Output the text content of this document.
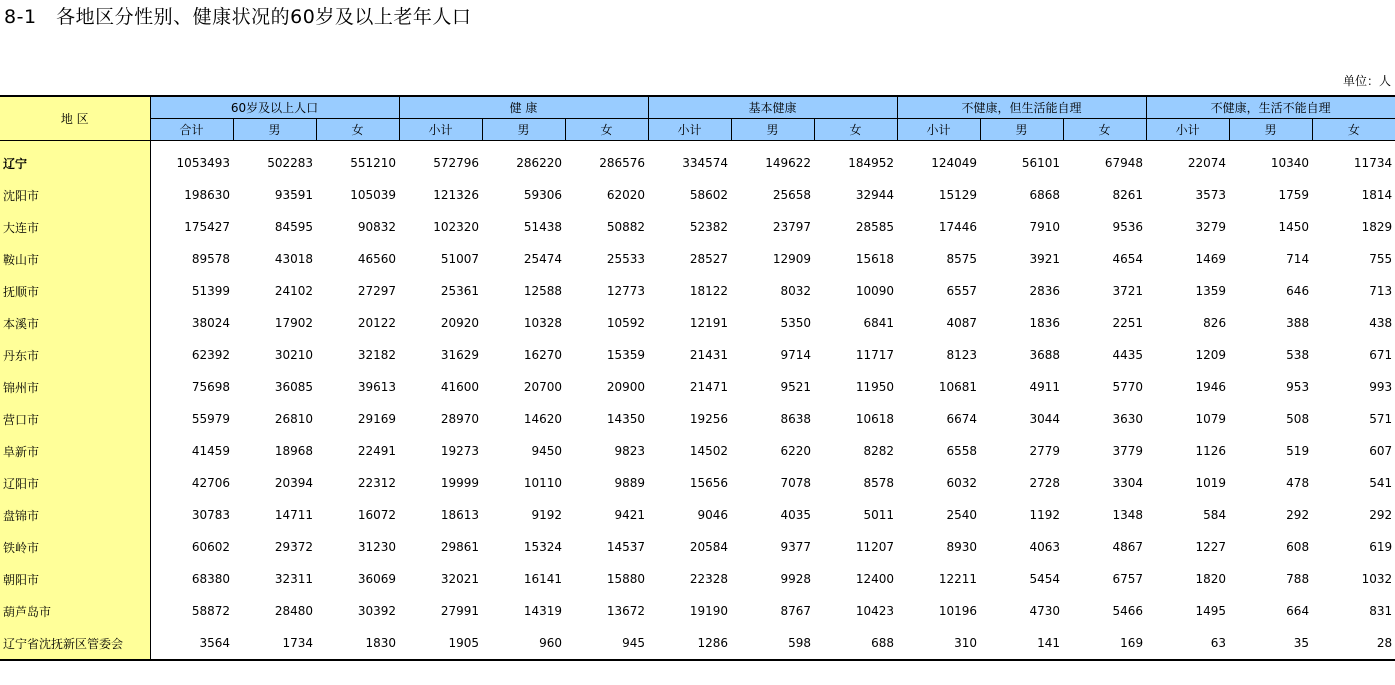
8-1   各地区分性别、健康状况的60岁及以上老年人口
单位：人
地 区	60岁及以上人口			健 康			基本健康			不健康，但生活能自理			不健康，生活不能自理		
	合计	男	女	小计	男	女	小计	男	女	小计	男	女	小计	男	女
辽宁	1053493	502283	551210	572796	286220	286576	334574	149622	184952	124049	56101	67948	22074	10340	11734
沈阳市	198630	93591	105039	121326	59306	62020	58602	25658	32944	15129	6868	8261	3573	1759	1814
大连市	175427	84595	90832	102320	51438	50882	52382	23797	28585	17446	7910	9536	3279	1450	1829
鞍山市	89578	43018	46560	51007	25474	25533	28527	12909	15618	8575	3921	4654	1469	714	755
抚顺市	51399	24102	27297	25361	12588	12773	18122	8032	10090	6557	2836	3721	1359	646	713
本溪市	38024	17902	20122	20920	10328	10592	12191	5350	6841	4087	1836	2251	826	388	438
丹东市	62392	30210	32182	31629	16270	15359	21431	9714	11717	8123	3688	4435	1209	538	671
锦州市	75698	36085	39613	41600	20700	20900	21471	9521	11950	10681	4911	5770	1946	953	993
营口市	55979	26810	29169	28970	14620	14350	19256	8638	10618	6674	3044	3630	1079	508	571
阜新市	41459	18968	22491	19273	9450	9823	14502	6220	8282	6558	2779	3779	1126	519	607
辽阳市	42706	20394	22312	19999	10110	9889	15656	7078	8578	6032	2728	3304	1019	478	541
盘锦市	30783	14711	16072	18613	9192	9421	9046	4035	5011	2540	1192	1348	584	292	292
铁岭市	60602	29372	31230	29861	15324	14537	20584	9377	11207	8930	4063	4867	1227	608	619
朝阳市	68380	32311	36069	32021	16141	15880	22328	9928	12400	12211	5454	6757	1820	788	1032
葫芦岛市	58872	28480	30392	27991	14319	13672	19190	8767	10423	10196	4730	5466	1495	664	831
辽宁省沈抚新区管委会	3564	1734	1830	1905	960	945	1286	598	688	310	141	169	63	35	28
